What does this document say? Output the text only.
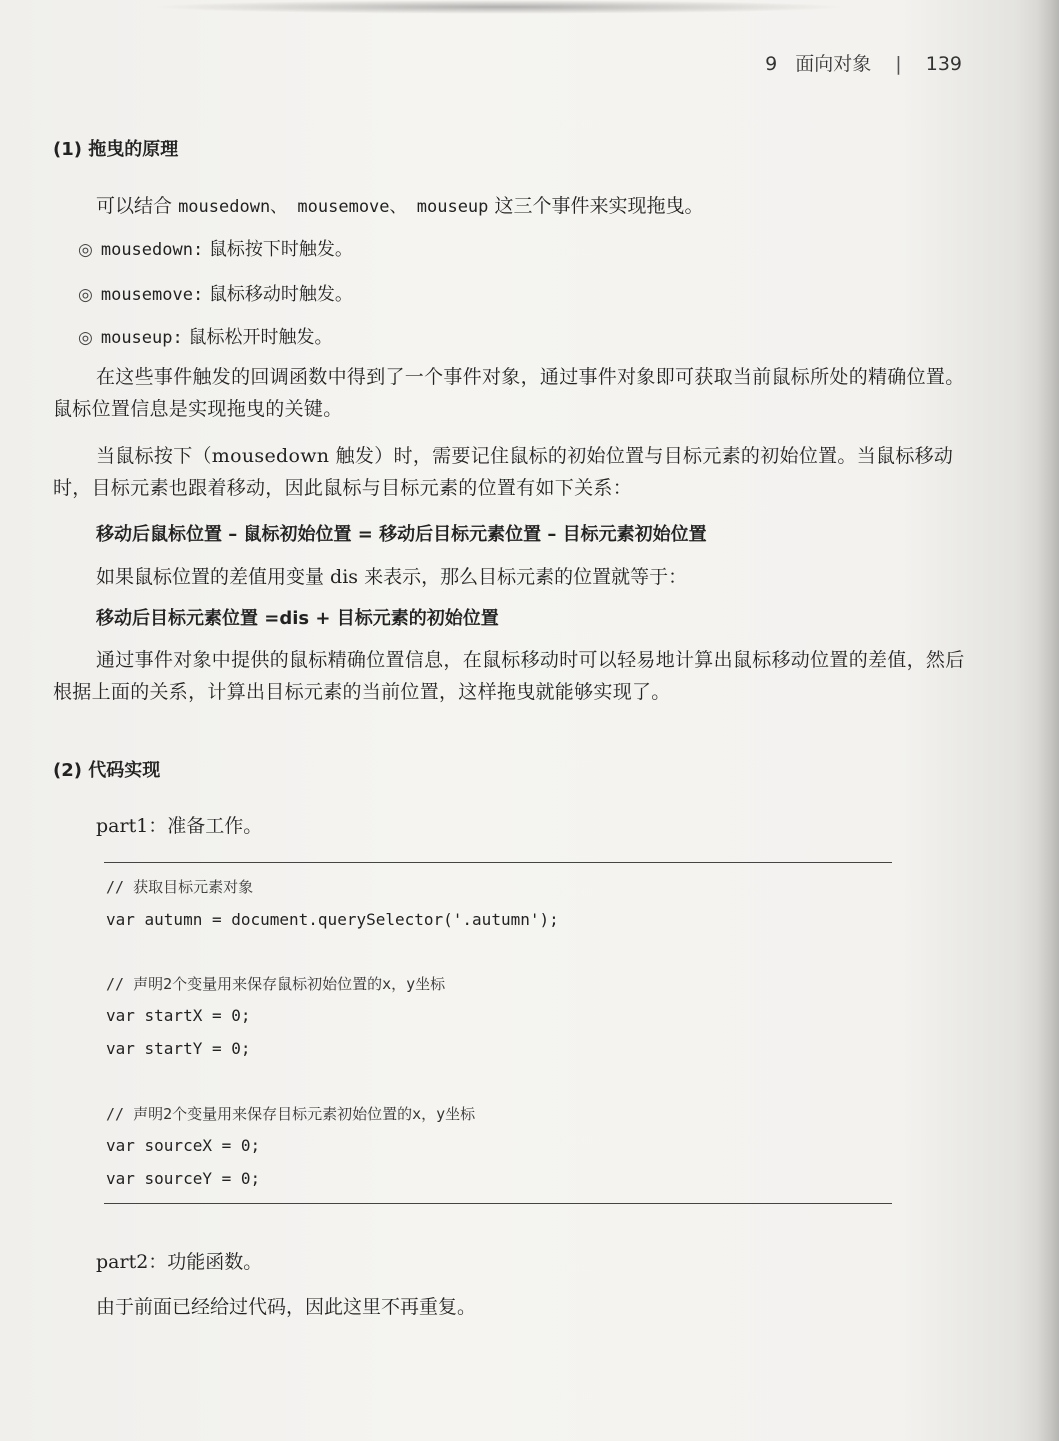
9 面向对象 | 139
(1) 拖曳的原理
可以结合 mousedown、 mousemove、 mouseup 这三个事件来实现拖曳。
◎ mousedown: 鼠标按下时触发。
◎ mousemove: 鼠标移动时触发。
◎ mouseup: 鼠标松开时触发。
在这些事件触发的回调函数中得到了一个事件对象，通过事件对象即可获取当前鼠标所处的精确位置。鼠标位置信息是实现拖曳的关键。
当鼠标按下（mousedown 触发）时，需要记住鼠标的初始位置与目标元素的初始位置。当鼠标移动时，目标元素也跟着移动，因此鼠标与目标元素的位置有如下关系：
移动后鼠标位置 – 鼠标初始位置 = 移动后目标元素位置 – 目标元素初始位置
如果鼠标位置的差值用变量 dis 来表示，那么目标元素的位置就等于：
移动后目标元素位置 =dis + 目标元素的初始位置
通过事件对象中提供的鼠标精确位置信息，在鼠标移动时可以轻易地计算出鼠标移动位置的差值，然后根据上面的关系，计算出目标元素的当前位置，这样拖曳就能够实现了。
(2) 代码实现
part1：准备工作。
// 获取目标元素对象
var autumn = document.querySelector('.autumn');
// 声明2个变量用来保存鼠标初始位置的x，y坐标
var startX = 0;
var startY = 0;
// 声明2个变量用来保存目标元素初始位置的x，y坐标
var sourceX = 0;
var sourceY = 0;
part2：功能函数。
由于前面已经给过代码，因此这里不再重复。
